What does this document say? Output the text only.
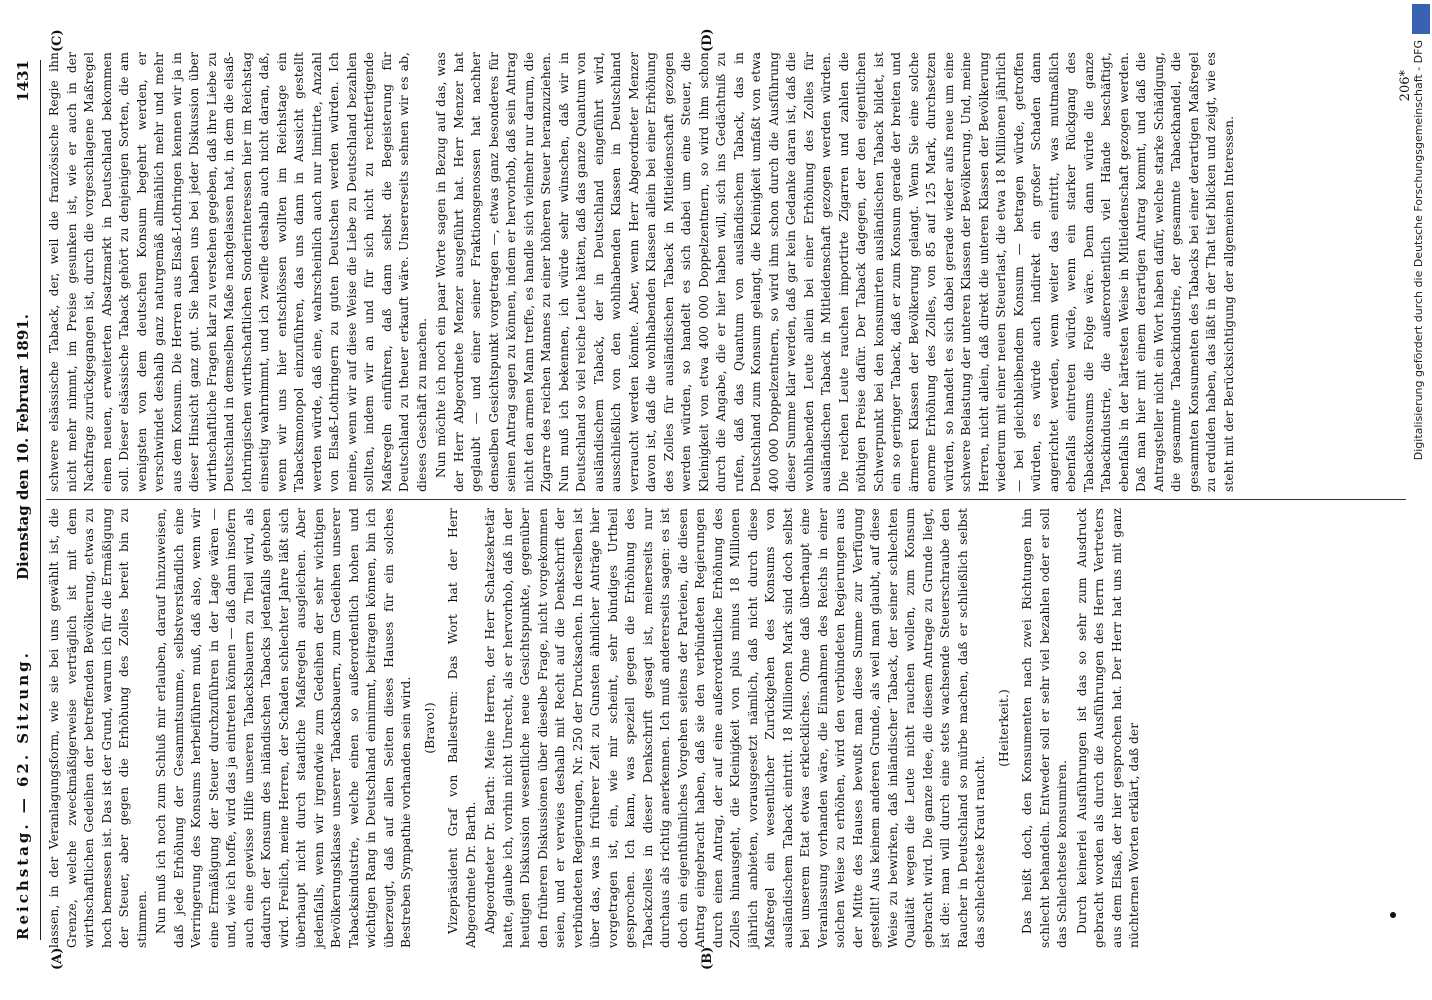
Reichstag. — 62. Sitzung.
Dienstag den 10. Februar 1891.
1431
(A)	(B)
(C)	(D)

lassen, in der Veranlagungsform, wie sie bei uns gewählt ist, die Grenze, welche zweckmäßigerweise verträglich ist mit dem wirthschaftlichen Gedeihen der betreffenden Bevölkerung, etwas zu hoch bemessen ist. Das ist der Grund, warum ich für die Ermäßigung der Steuer, aber gegen die Erhöhung des Zolles bereit bin zu stimmen. Nun muß ich noch zum Schluß mir erlauben, darauf hinzuweisen, daß jede Erhöhung der Gesammtsumme, selbstverständlich eine Verringerung des Konsums herbeiführen muß, daß also, wenn wir eine Ermäßigung der Steuer durchzuführen in der Lage wären — und, wie ich hoffe, wird das ja eintreten können — daß dann insofern auch eine gewisse Hilfe unseren Tabacksbauern zu Theil wird, als dadurch der Konsum des inländischen Tabacks jedenfalls gehoben wird. Freilich, meine Herren, der Schaden schlechter Jahre läßt sich überhaupt nicht durch staatliche Maßregeln ausgleichen. Aber jedenfalls, wenn wir irgendwie zum Gedeihen der sehr wichtigen Bevölkerungsklasse unserer Tabacksbauern, zum Gedeihen unserer Tabacksindustrie, welche einen so außerordentlich hohen und wichtigen Rang in Deutschland einnimmt, beitragen können, bin ich überzeugt, daß auf allen Seiten dieses Hauses für ein solches Bestreben Sympathie vorhanden sein wird. (Bravo!) Vizepräsident Graf von Ballestrem: Das Wort hat der Herr Abgeordnete Dr. Barth. Abgeordneter Dr. Barth: Meine Herren, der Herr Schatzsekretär hatte, glaube ich, vorhin nicht Unrecht, als er hervorhob, daß in der heutigen Diskussion wesentliche neue Gesichtspunkte, gegenüber den früheren Diskussionen über dieselbe Frage, nicht vorgekommen seien, und er verwies deshalb mit Recht auf die Denkschrift der verbündeten Regierungen, Nr. 250 der Drucksachen. In derselben ist über das, was in früherer Zeit zu Gunsten ähnlicher Anträge hier vorgetragen ist, ein, wie mir scheint, sehr bündiges Urtheil gesprochen. Ich kann, was speziell gegen die Erhöhung des Tabackzolles in dieser Denkschrift gesagt ist, meinerseits nur durchaus als richtig anerkennen. Ich muß andererseits sagen: es ist doch ein eigenthümliches Vorgehen seitens der Parteien, die diesen Antrag eingebracht haben, daß sie den verbündeten Regierungen durch einen Antrag, der auf eine außerordentliche Erhöhung des Zolles hinausgeht, die Kleinigkeit von plus minus 18 Millionen jährlich anbieten, vorausgesetzt nämlich, daß nicht durch diese Maßregel ein wesentlicher Zurückgehen des Konsums von ausländischem Taback eintritt. 18 Millionen Mark sind doch selbst bei unserem Etat etwas erkleckliches. Ohne daß überhaupt eine Veranlassung vorhanden wäre, die Einnahmen des Reichs in einer solchen Weise zu erhöhen, wird den verbündeten Regierungen aus der Mitte des Hauses bewußt man diese Summe zur Verfügung gestellt! Aus keinem anderen Grunde, als weil man glaubt, auf diese Weise zu bewirken, daß inländischer Taback, der seiner schlechten Qualität wegen die Leute nicht rauchen wollen, zum Konsum gebracht wird. Die ganze Idee, die diesem Antrage zu Grunde liegt, ist die: man will durch eine stets wachsende Steuerschraube den Raucher in Deutschland so mürbe machen, daß er schließlich selbst das schlechteste Kraut raucht.

(Heiterkeit.) Das heißt doch, den Konsumenten nach zwei Richtungen hin schlecht behandeln. Entweder soll er sehr viel bezahlen oder er soll das Schlechteste konsumiren. Durch keinerlei Ausführungen ist das so sehr zum Ausdruck gebracht worden als durch die Ausführungen des Herrn Vertreters aus dem Elsaß, der hier gesprochen hat. Der Herr hat uns mit ganz nüchternen Worten erklärt, daß der

schwere elsässische Taback, der, weil die französische Regie ihn nicht mehr nimmt, im Preise gesunken ist, wie er auch in der Nachfrage zurückgegangen ist, durch die vorgeschlagene Maßregel einen neuen, erweiterten Absatzmarkt in Deutschland bekommen soll. Dieser elsässische Taback gehört zu denjenigen Sorten, die am wenigsten von dem deutschen Konsum begehrt werden, er verschwindet deshalb ganz naturgemäß allmählich mehr und mehr aus dem Konsum. Die Herren aus Elsaß-Lothringen kennen wir ja in dieser Hinsicht ganz gut. Sie haben uns bei jeder Diskussion über wirthschaftliche Fragen klar zu verstehen gegeben, daß ihre Liebe zu Deutschland in demselben Maße nachgelassen hat, in dem die elsaß-lothringischen wirthschaftlichen Sonderinteressen hier im Reichstag einseitig wahrnimmt, und ich zweifle deshalb auch nicht daran, daß, wenn wir uns hier entschlössen wollten im Reichstage ein Tabacksmonopol einzuführen, das uns dann in Aussicht gestellt werden würde, daß eine, wahrscheinlich auch nur limitirte, Anzahl von Elsaß-Lothringern zu guten Deutschen werden würden. Ich meine, wenn wir auf diese Weise die Liebe zu Deutschland bezahlen sollten, indem wir an und für sich nicht zu rechtfertigende Maßregeln einführen, daß dann selbst die Begeisterung für Deutschland zu theuer erkauft wäre. Unsererseits sehnen wir es ab, dieses Geschäft zu machen. Nun möchte ich noch ein paar Worte sagen in Bezug auf das, was der Herr Abgeordnete Menzer ausgeführt hat. Herr Menzer hat geglaubt — und einer seiner Fraktionsgenossen hat nachher denselben Gesichtspunkt vorgetragen —, etwas ganz besonderes für seinen Antrag sagen zu können, indem er hervorhob, daß sein Antrag nicht den armen Mann treffe, es handle sich vielmehr nur darum, die Zigarre des reichen Mannes zu einer höheren Steuer heranzuziehen. Nun muß ich bekennen, ich würde sehr wünschen, daß wir in Deutschland so viel reiche Leute hätten, daß das ganze Quantum von ausländischem Taback, der in Deutschland eingeführt wird, ausschließlich von den wohlhabenden Klassen in Deutschland verraucht werden könnte. Aber, wenn Herr Abgeordneter Menzer davon ist, daß die wohlhabenden Klassen allein bei einer Erhöhung des Zolles für ausländischen Taback in Mitleidenschaft gezogen werden würden, so handelt es sich dabei um eine Steuer, die Kleinigkeit von etwa 400 000 Doppelzentnern, so wird ihm schon durch die Angabe, die er hier haben will, sich ins Gedächtniß zu rufen, daß das Quantum von ausländischem Taback, das in Deutschland zum Konsum gelangt, die Kleinigkeit umfaßt von etwa 400 000 Doppelzentnern, so wird ihm schon durch die Ausführung dieser Summe klar werden, daß gar kein Gedanke daran ist, daß die wohlhabenden Leute allein bei einer Erhöhung des Zolles für ausländischen Taback in Mitleidenschaft gezogen werden würden. Die reichen Leute rauchen importirte Zigarren und zahlen die nöthigen Preise dafür. Der Taback dagegen, der den eigentlichen Schwerpunkt bei den konsumirten ausländischen Taback bildet, ist ein so geringer Taback, daß er zum Konsum gerade der breiten und ärmeren Klassen der Bevölkerung gelangt. Wenn Sie eine solche enorme Erhöhung des Zolles, von 85 auf 125 Mark, durchsetzen würden, so handelt es sich dabei gerade wieder aufs neue um eine schwere Belastung der unteren Klassen der Bevölkerung. Und, meine Herren, nicht allein, daß direkt die unteren Klassen der Bevölkerung wiederum mit einer neuen Steuerlast, die etwa 18 Millionen jährlich — bei gleichbleibendem Konsum — betragen würde, getroffen würden, es würde auch indirekt ein großer Schaden dann angerichtet werden, wenn weiter das eintritt, was mutmaßlich ebenfalls eintreten würde, wenn ein starker Rückgang des Tabackkonsums die Folge wäre. Denn dann würde die ganze Tabackindustrie, die außerordentlich viel Hände beschäftigt, ebenfalls in der härtesten Weise in Mitleidenschaft gezogen werden. Daß man hier mit einem derartigen Antrag kommt, und daß die Antragsteller nicht ein Wort haben dafür, welche starke Schädigung, die gesammte Tabackindustrie, der gesammte Tabackhandel, die gesammten Konsumenten des Tabacks bei einer derartigen Maßregel zu erdulden haben, das läßt in der That tief blicken und zeigt, wie es steht mit der Berücksichtigung der allgemeinen Interessen.

206* Digitalisierung gefördert durch die Deutsche Forschungsgemeinschaft - DFG
